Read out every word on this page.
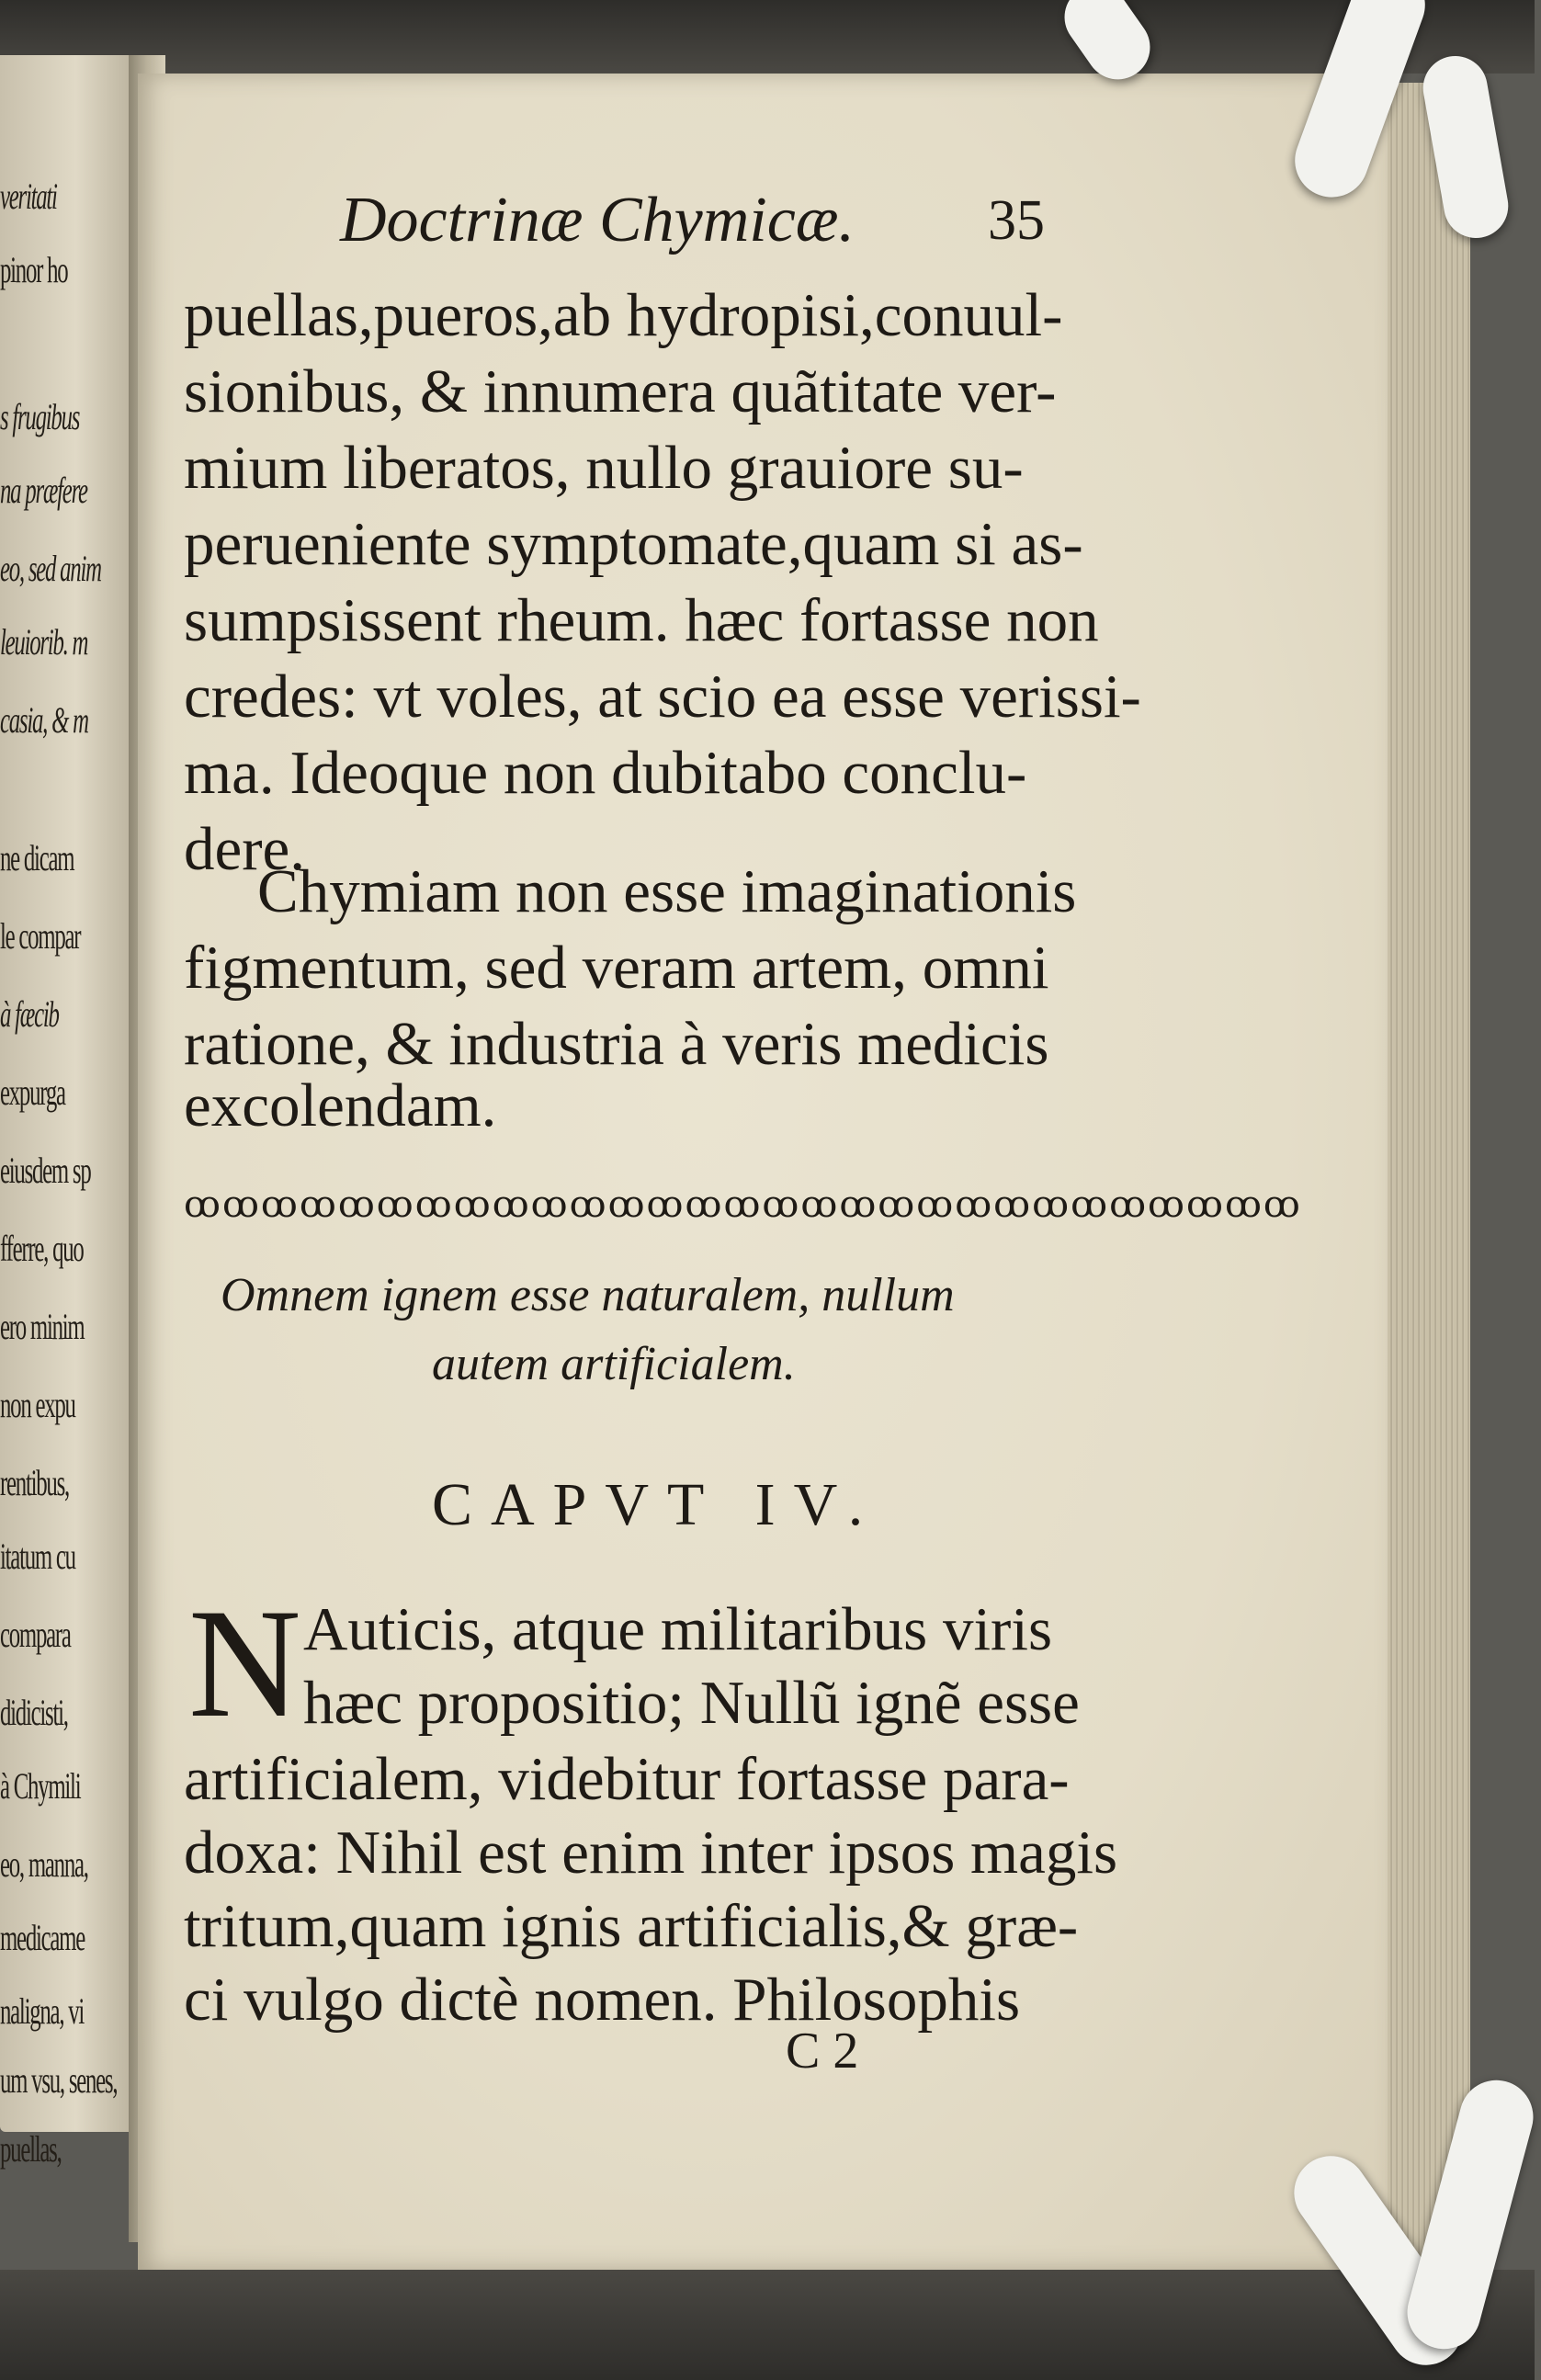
veritati
pinor ho
s frugibus
na præfere
eo, sed anim
leuiorib. m
casia, & m
ne dicam
le compar
à fæcib
expurga
eiusdem sp
fferre, quo
ero minim
non expu
rentibus,
itatum cu
compara
didicisti,
à Chymili
eo, manna,
medicame
naligna, vi
um vsu, senes,
puellas,
Doctrinæ Chymicæ. 35
puellas,pueros,ab hydropisi,conuul-
sionibus, & innumera quãtitate ver-
mium liberatos, nullo grauiore su-
perueniente symptomate,quam si as-
sumpsissent rheum. hæc fortasse non
credes: vt voles, at scio ea esse verissi-
ma. Ideoque non dubitabo conclu-
dere.
Chymiam non esse imaginationis
figmentum, sed veram artem, omni
ratione, & industria à veris medicis
excolendam.
ꝏꝏꝏꝏꝏꝏꝏꝏꝏꝏꝏꝏꝏꝏꝏꝏꝏꝏꝏꝏꝏꝏꝏꝏꝏꝏꝏꝏꝏ
Omnem ignem esse naturalem, nullum
autem artificialem.
CAPVT IV.
N Auticis, atque militaribus viris
hæc propositio; Nullũ ignẽ esse
artificialem, videbitur fortasse para-
doxa: Nihil est enim inter ipsos magis
tritum,quam ignis artificialis,& græ-
ci vulgo dictè nomen. Philosophis
C 2
